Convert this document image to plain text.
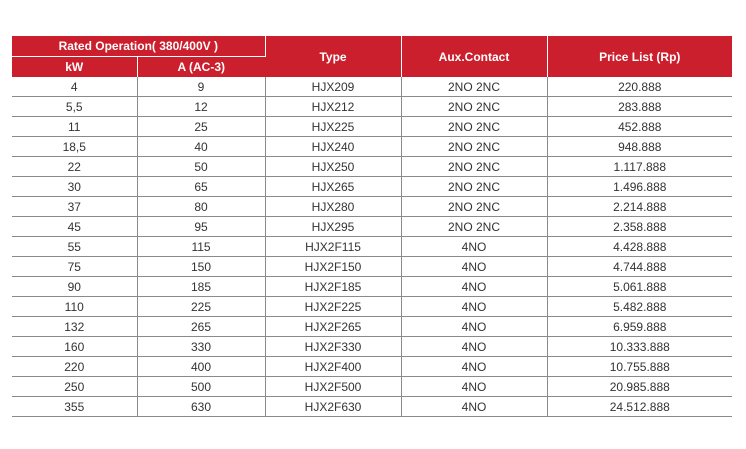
Rated Operation( 380/400V )		Type	Aux.Contact	Price List (Rp)
kW	A (AC-3)			
4	9	HJX209	2NO 2NC	220.888
5,5	12	HJX212	2NO 2NC	283.888
11	25	HJX225	2NO 2NC	452.888
18,5	40	HJX240	2NO 2NC	948.888
22	50	HJX250	2NO 2NC	1.117.888
30	65	HJX265	2NO 2NC	1.496.888
37	80	HJX280	2NO 2NC	2.214.888
45	95	HJX295	2NO 2NC	2.358.888
55	115	HJX2F115	4NO	4.428.888
75	150	HJX2F150	4NO	4.744.888
90	185	HJX2F185	4NO	5.061.888
110	225	HJX2F225	4NO	5.482.888
132	265	HJX2F265	4NO	6.959.888
160	330	HJX2F330	4NO	10.333.888
220	400	HJX2F400	4NO	10.755.888
250	500	HJX2F500	4NO	20.985.888
355	630	HJX2F630	4NO	24.512.888
